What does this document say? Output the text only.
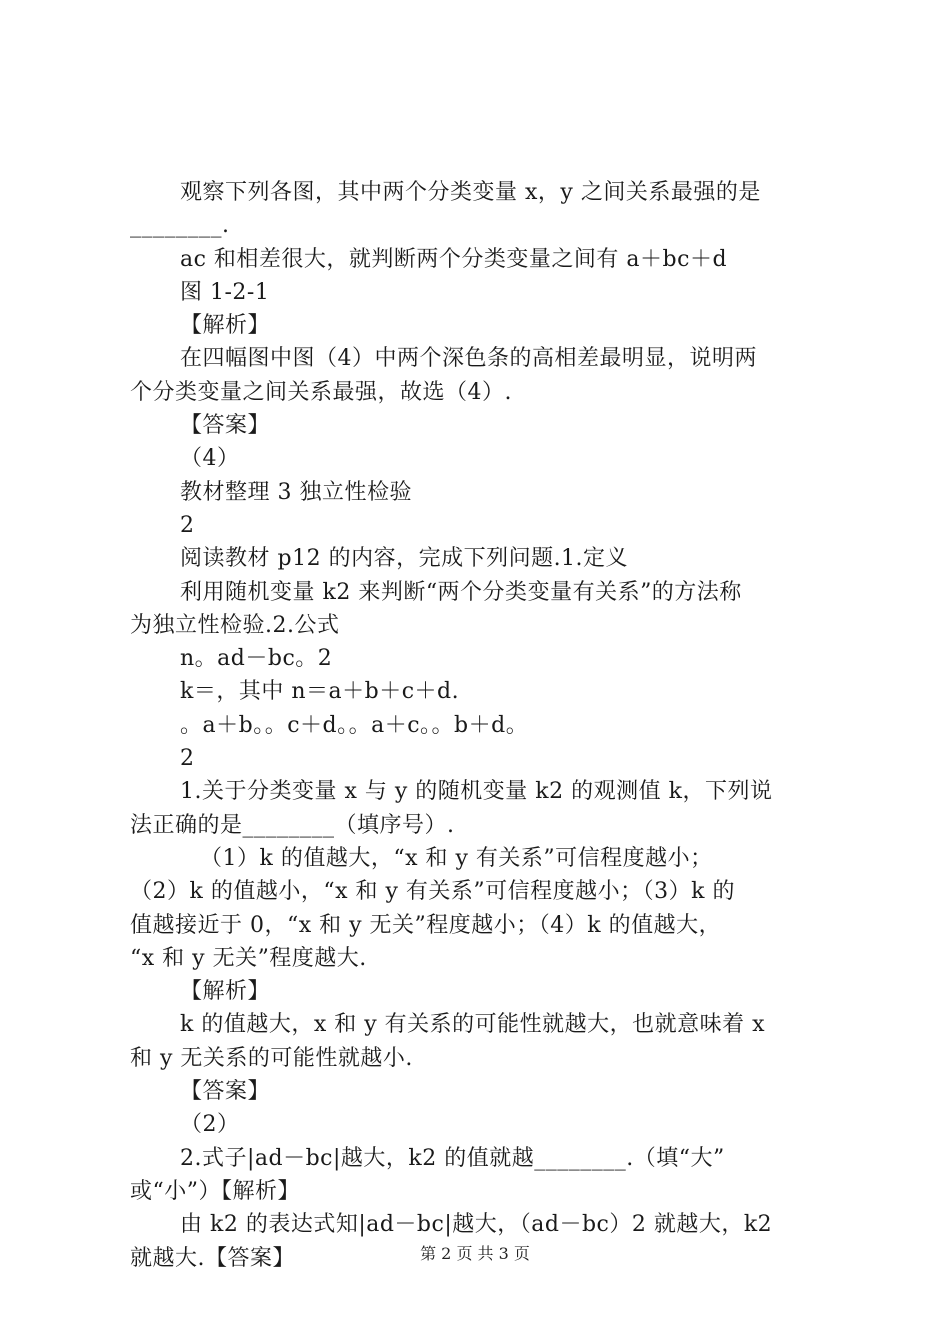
观察下列各图，其中两个分类变量 x，y 之间关系最强的是
________.
ac 和相差很大，就判断两个分类变量之间有 a＋bc＋d
图 1-2-1
【解析】
在四幅图中图（4）中两个深色条的高相差最明显，说明两
个分类变量之间关系最强，故选（4）.
【答案】
（4）
教材整理 3 独立性检验
2
阅读教材 p12 的内容，完成下列问题.1.定义
利用随机变量 k2 来判断“两个分类变量有关系”的方法称
为独立性检验.2.公式
n。ad－bc。2
k＝，其中 n＝a＋b＋c＋d.
。a＋b。。c＋d。。a＋c。。b＋d。
2
1.关于分类变量 x 与 y 的随机变量 k2 的观测值 k，下列说
法正确的是________（填序号）.
（1）k 的值越大，“x 和 y 有关系”可信程度越小；
（2）k 的值越小，“x 和 y 有关系”可信程度越小；（3）k 的
值越接近于 0，“x 和 y 无关”程度越小；（4）k 的值越大，
“x 和 y 无关”程度越大.
【解析】
k 的值越大，x 和 y 有关系的可能性就越大，也就意味着 x
和 y 无关系的可能性就越小.
【答案】
（2）
2.式子|ad－bc|越大，k2 的值就越________.（填“大”
或“小”）【解析】
由 k2 的表达式知|ad－bc|越大，（ad－bc）2 就越大，k2
就越大.【答案】	第 2 页 共 3 页
